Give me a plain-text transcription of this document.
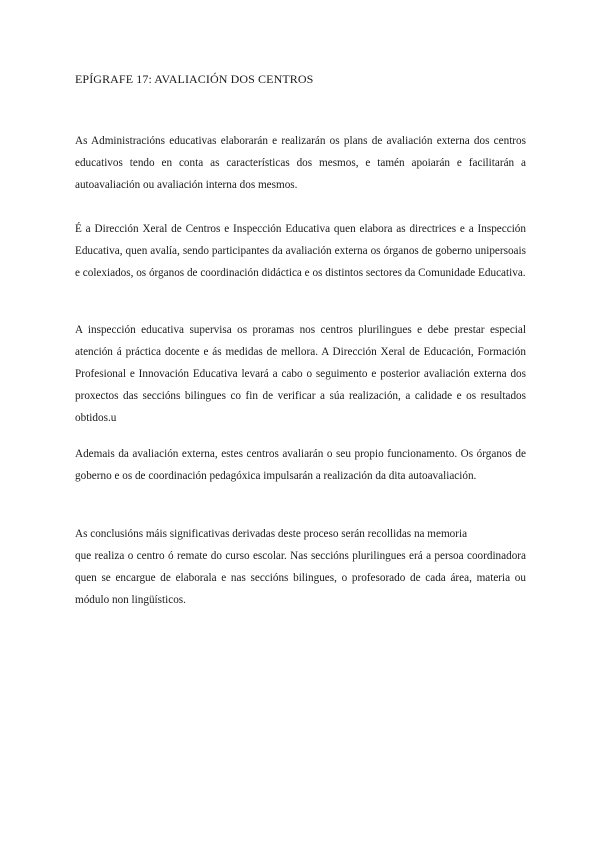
EPÍGRAFE 17: AVALIACIÓN DOS CENTROS

As Administracións educativas elaborarán e realizarán os plans de avaliación externa dos centros educativos tendo en conta as características dos mesmos, e tamén apoiarán e facilitarán a autoavaliación ou avaliación interna dos mesmos.

É a Dirección Xeral de Centros e Inspección Educativa quen elabora as directrices e a Inspección Educativa, quen avalía, sendo participantes da avaliación externa os órganos de goberno unipersoais e colexiados, os órganos de coordinación didáctica e os distintos sectores da Comunidade Educativa.

A inspección educativa supervisa os proramas nos centros plurilingues e debe prestar especial atención á práctica docente e ás medidas de mellora. A Dirección Xeral de Educación, Formación Profesional e Innovación Educativa levará a cabo o seguimento e posterior avaliación externa dos proxectos das seccións bilingues co fin de verificar a súa realización, a calidade e os resultados obtidos.u

Ademais da avaliación externa, estes centros avaliarán o seu propio funcionamento. Os órganos de goberno e os de coordinación pedagóxica impulsarán a realización da dita autoavaliación.

As conclusións máis significativas derivadas deste proceso serán recollidas na memoria
que realiza o centro ó remate do curso escolar. Nas seccións plurilingues erá a persoa coordinadora quen se encargue de elaborala e nas seccións bilingues, o profesorado de cada área, materia ou módulo non lingüísticos.
